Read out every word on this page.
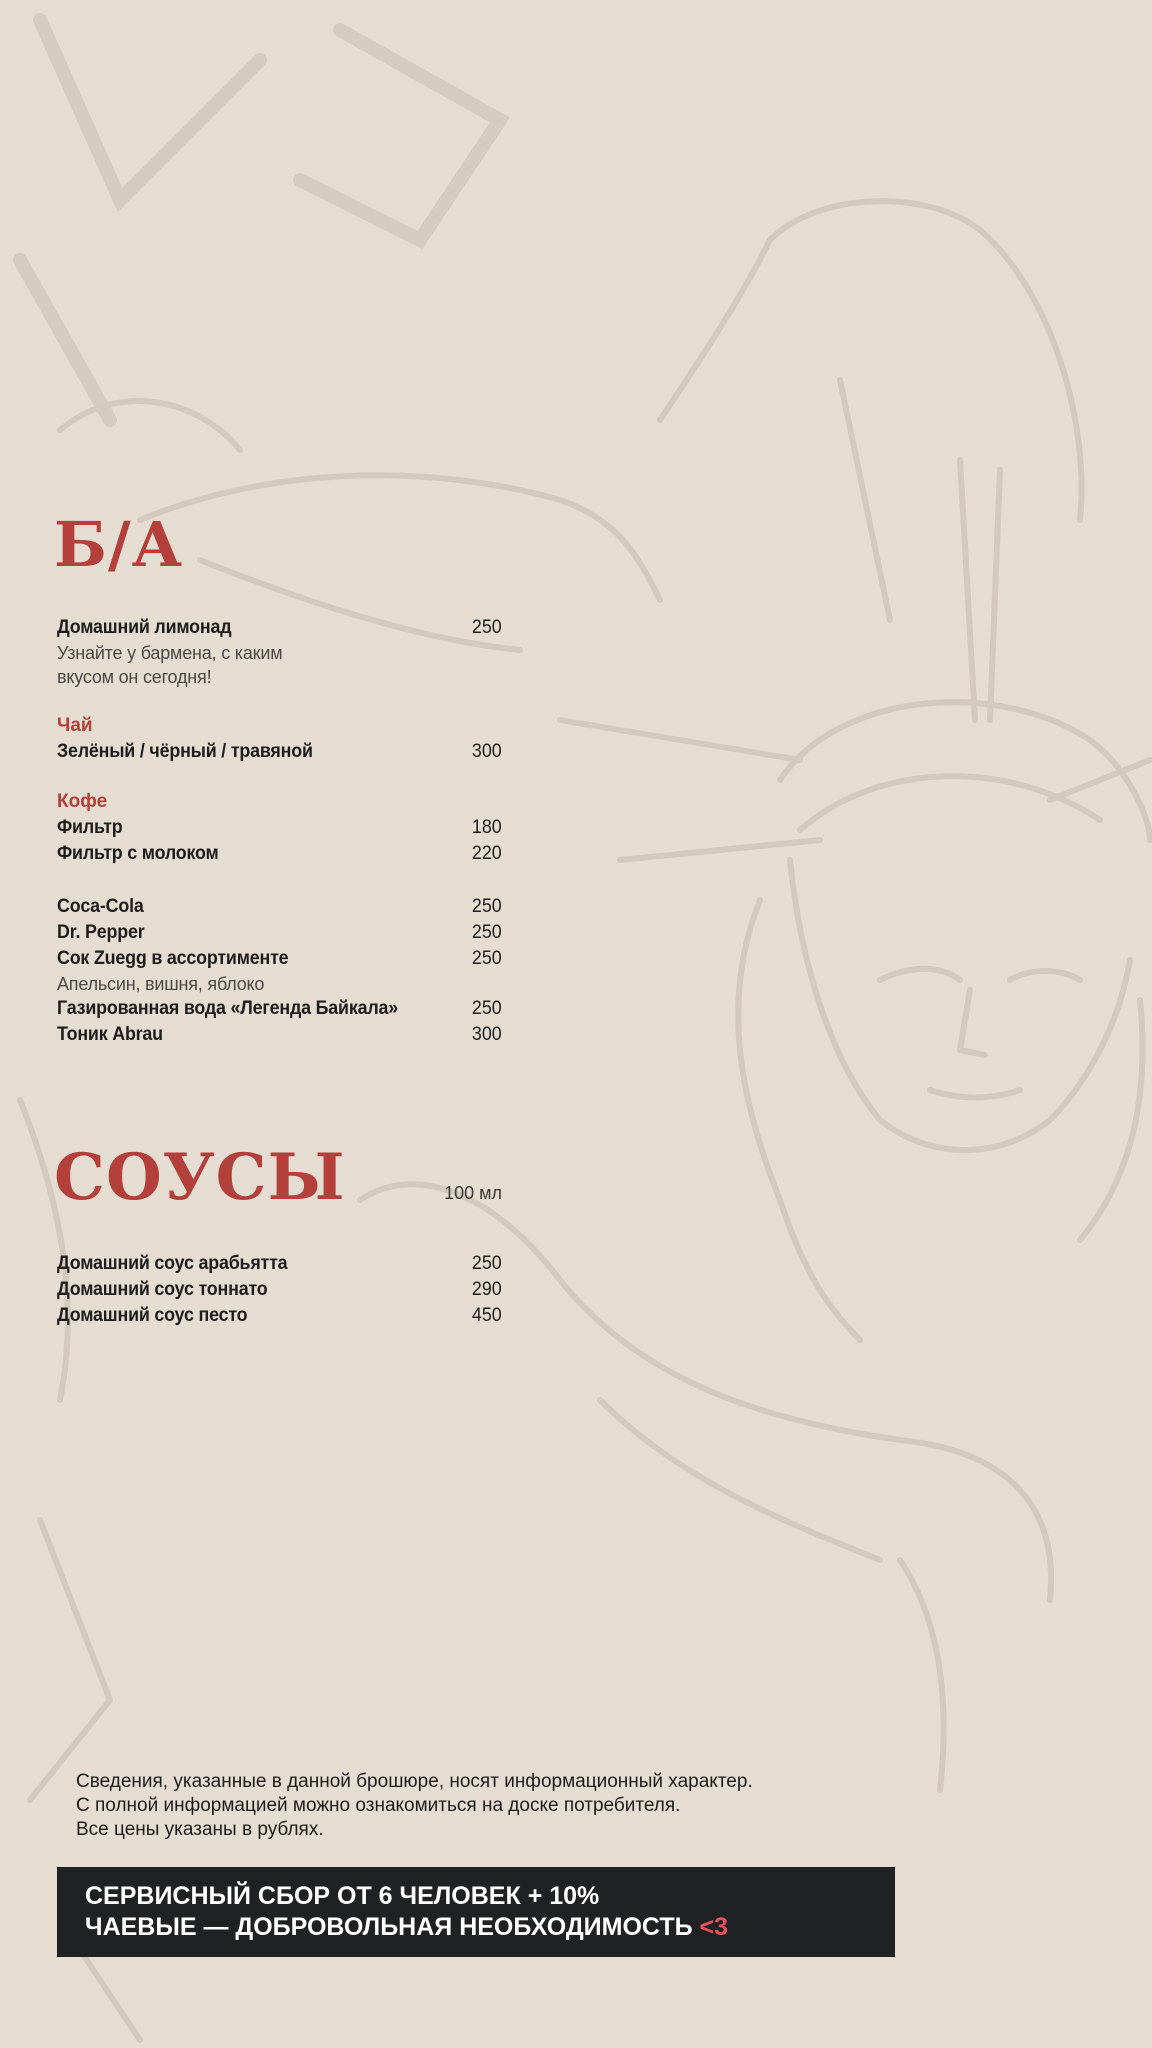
Б/А
Домашний лимонад	250
Узнайте у бармена, с каким
вкусом он сегодня!
Чай
Зелёный / чёрный / травяной	300
Кофе
Фильтр	180
Фильтр с молоком	220
Coca-Cola	250
Dr. Pepper	250
Сок Zuegg в ассортименте	250
Апельсин, вишня, яблоко
Газированная вода «Легенда Байкала»	250
Тоник Abrau	300
СОУСЫ	100 мл
Домашний соус арабьятта	250
Домашний соус тоннато	290
Домашний соус песто	450
Сведения, указанные в данной брошюре, носят информационный характер.
С полной информацией можно ознакомиться на доске потребителя.
Все цены указаны в рублях.
СЕРВИСНЫЙ СБОР ОТ 6 ЧЕЛОВЕК + 10%
ЧАЕВЫЕ — ДОБРОВОЛЬНАЯ НЕОБХОДИМОСТЬ <3
